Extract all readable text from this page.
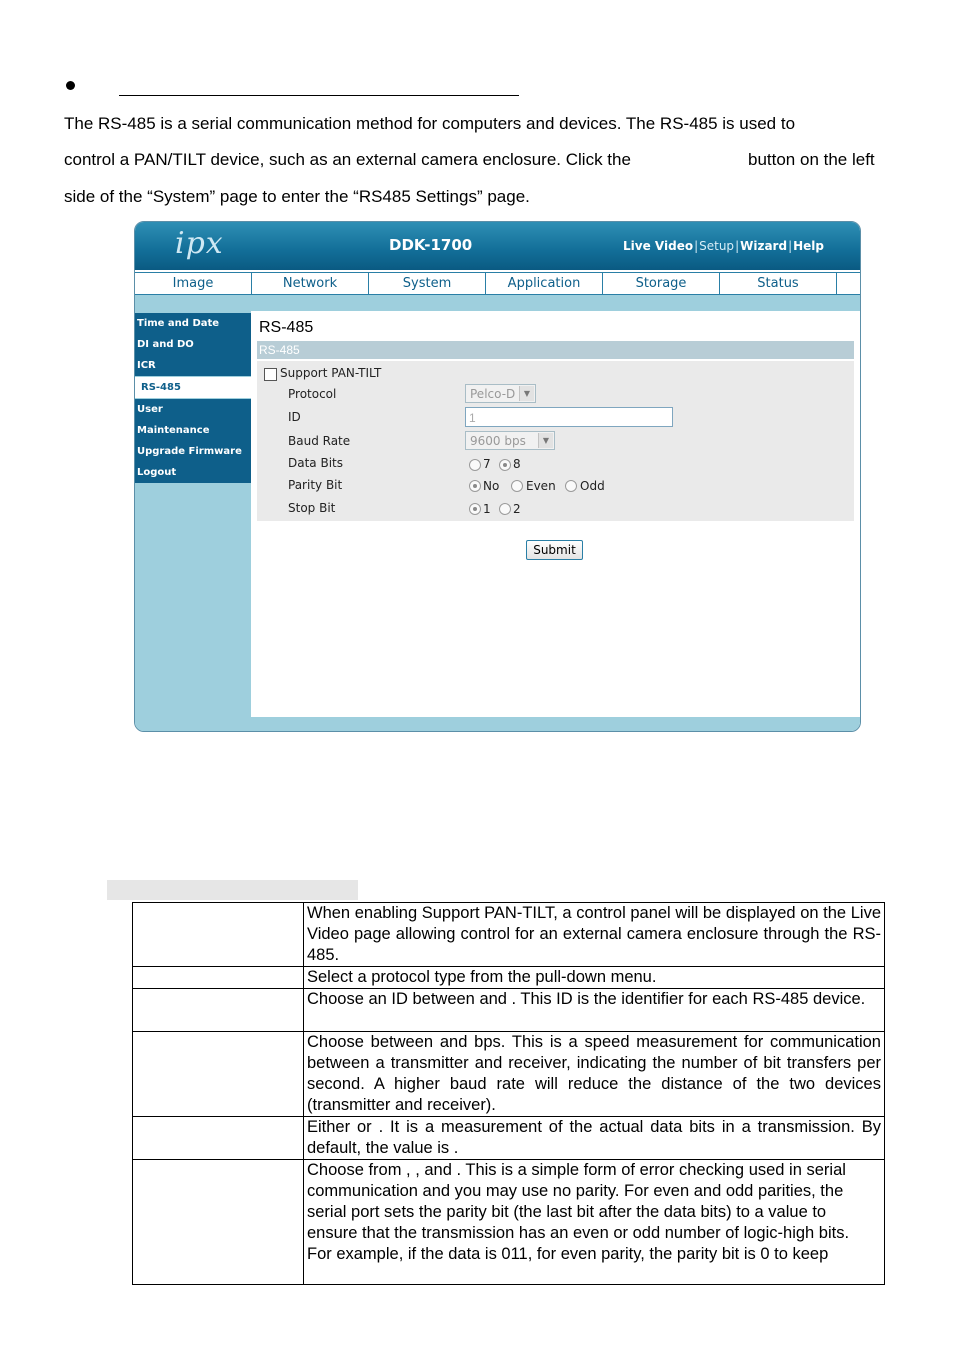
The RS-485 is a serial communication method for computers and devices. The RS-485 is used to
control a PAN/TILT device, such as an external camera enclosure. Click the	button on the left
side of the “System” page to enter the “RS485 Settings” page.
ipx	DDK-1700	Live Video|Setup|Wizard|Help
Image	Network	System	Application	Storage	Status
Time and Date
DI and DO
ICR
RS-485
User
Maintenance
Upgrade Firmware
Logout
RS-485
RS-485
Support PAN-TILT
Protocol	Pelco-D	▼
ID	1
Baud Rate	9600 bps	▼
Data Bits	7 8
Parity Bit	No Even Odd
Stop Bit	1 2
Submit
	When enabling Support PAN-TILT, a control panel will be displayed on the Live Video page allowing control for an external camera enclosure through the RS-485.
	Select a protocol type from the pull-down menu.
	Choose an ID between and . This ID is the identifier for each RS-485 device.
	Choose between and bps. This is a speed measurement for communication between a transmitter and receiver, indicating the number of bit transfers per second. A higher baud rate will reduce the distance of the two devices (transmitter and receiver).
	Either or . It is a measurement of the actual data bits in a transmission. By default, the value is .

	Choose from , , and . This is a simple form of error checking used in serial communication and you may use no parity. For even and odd parities, the serial port sets the parity bit (the last bit after the data bits) to a value to ensure that the transmission has an even or odd number of logic-high bits.
For example, if the data is 011, for even parity, the parity bit is 0 to keep
